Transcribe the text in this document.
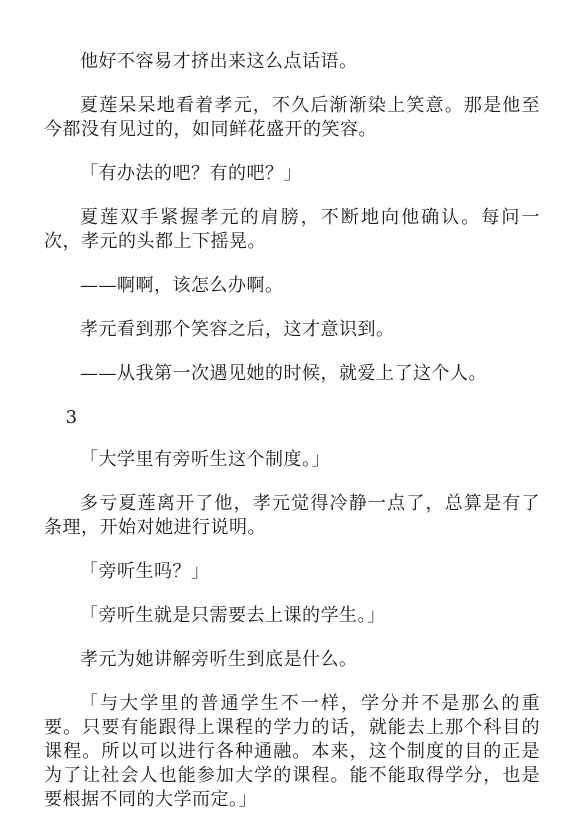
他好不容易才挤出来这么点话语。

夏莲呆呆地看着孝元，不久后渐渐染上笑意。那是他至今都没有见过的，如同鲜花盛开的笑容。

「有办法的吧？有的吧？」

夏莲双手紧握孝元的肩膀，不断地向他确认。每问一次，孝元的头都上下摇晃。

——啊啊，该怎么办啊。

孝元看到那个笑容之后，这才意识到。

——从我第一次遇见她的时候，就爱上了这个人。

3

「大学里有旁听生这个制度。」

多亏夏莲离开了他，孝元觉得冷静一点了，总算是有了条理，开始对她进行说明。

「旁听生吗？」

「旁听生就是只需要去上课的学生。」

孝元为她讲解旁听生到底是什么。

「与大学里的普通学生不一样，学分并不是那么的重要。只要有能跟得上课程的学力的话，就能去上那个科目的课程。所以可以进行各种通融。本来，这个制度的目的正是为了让社会人也能参加大学的课程。能不能取得学分，也是要根据不同的大学而定。」
